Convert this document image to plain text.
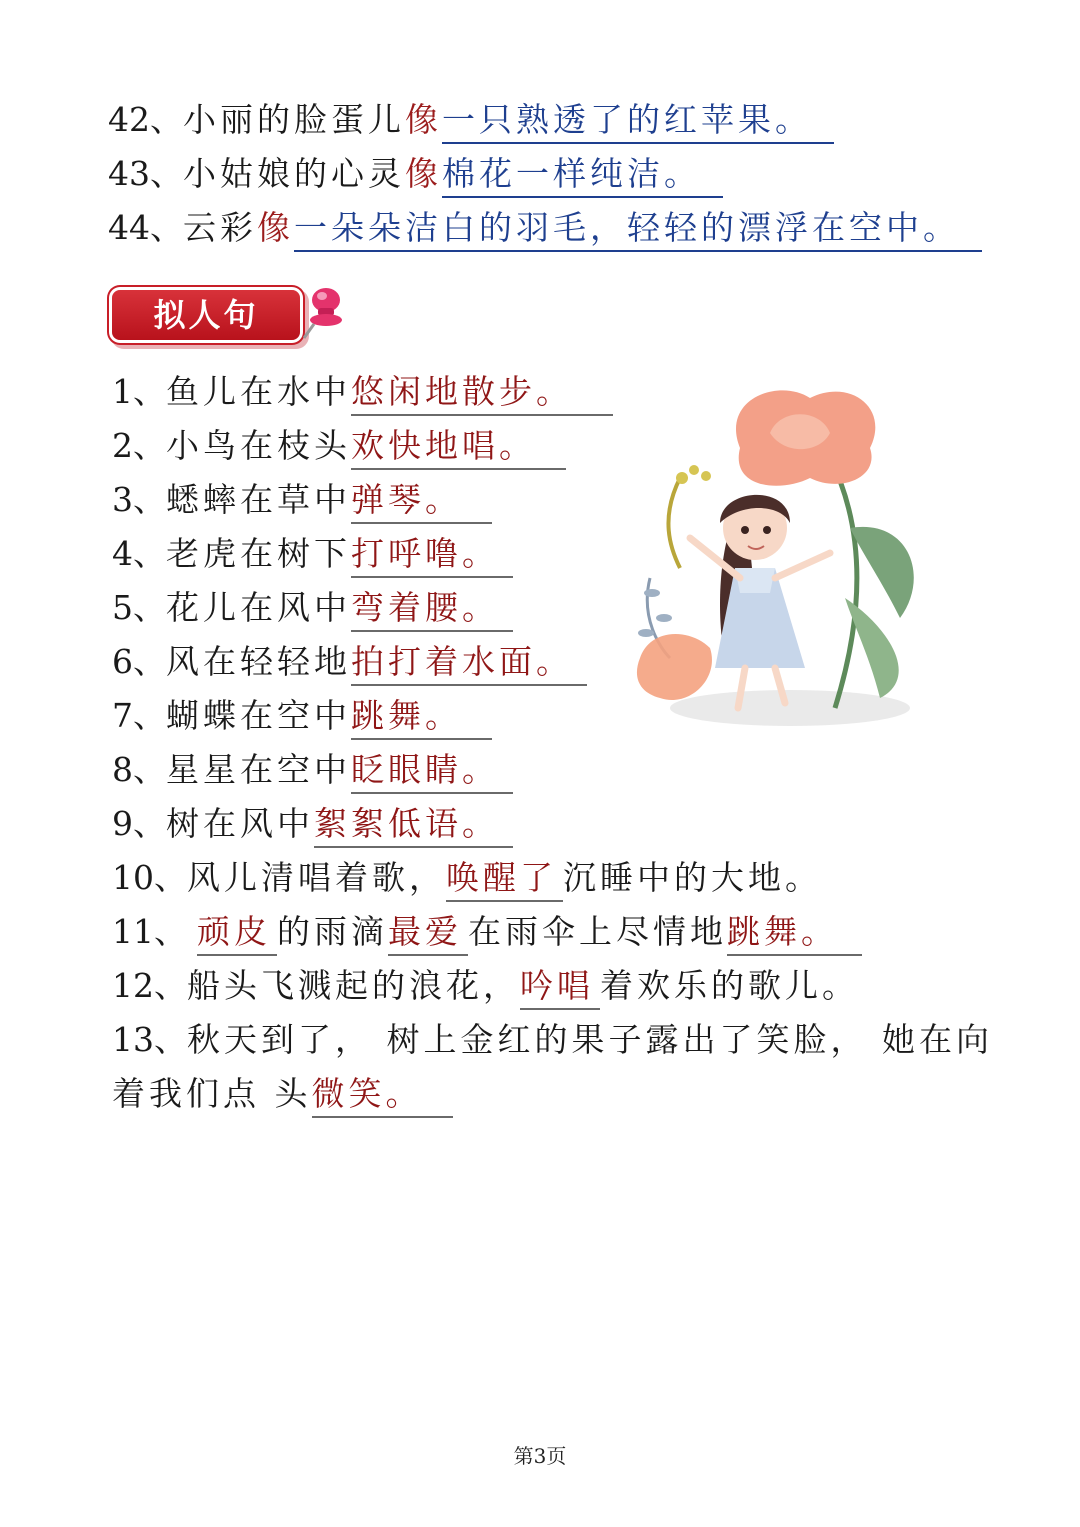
42、小丽的脸蛋儿像一只熟透了的红苹果。
43、小姑娘的心灵像棉花一样纯洁。
44、云彩像一朵朵洁白的羽毛，轻轻的漂浮在空中。
拟人句
1、鱼儿在水中悠闲地散步。
2、小鸟在枝头欢快地唱。
3、蟋蟀在草中弹琴。
4、老虎在树下打呼噜。
5、花儿在风中弯着腰。
6、风在轻轻地拍打着水面。
7、蝴蝶在空中跳舞。
8、星星在空中眨眼睛。
9、树在风中絮絮低语。
10、风儿清唱着歌，唤醒了 沉睡中的大地。
11、 顽皮 的雨滴最爱 在雨伞上尽情地跳舞。
12、船头飞溅起的浪花，吟唱 着欢乐的歌儿。
13、秋天到了， 树上金红的果子露出了笑脸， 她在向
着我们点 头微笑。
第3页
